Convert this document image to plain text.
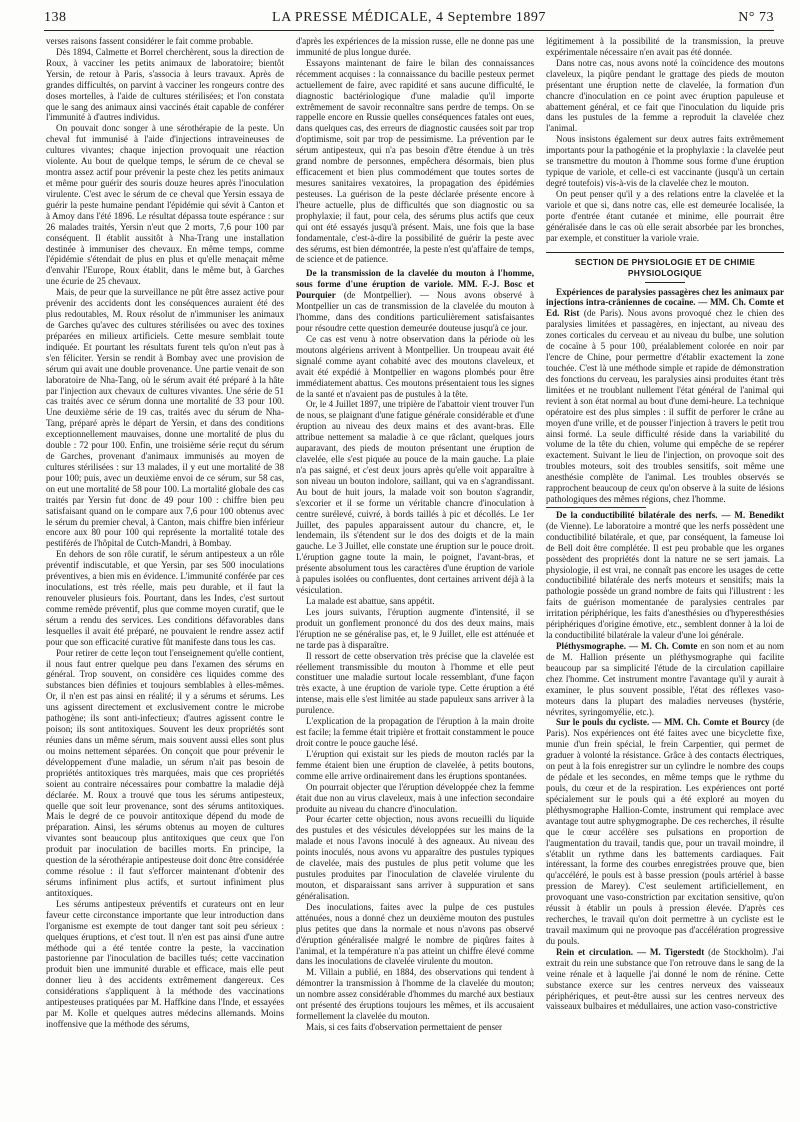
138	LA PRESSE MÉDICALE, 4 Septembre 1897	N° 73

verses raisons fassent considérer le fait comme probable.

Dès 1894, Calmette et Borrel cherchèrent, sous la direction de Roux, à vacciner les petits animaux de laboratoire; bientôt Yersin, de retour à Paris, s'associa à leurs travaux. Après de grandes difficultés, on parvint à vacciner les rongeurs contre des doses mortelles, à l'aide de cultures stérilisées; et l'on constata que le sang des animaux ainsi vaccinés était capable de conférer l'immunité à d'autres individus.

On pouvait donc songer à une sérothérapie de la peste. Un cheval fut immunisé à l'aide d'injections intraveineuses de cultures vivantes; chaque injection provoquait une réaction violente. Au bout de quelque temps, le sérum de ce cheval se montra assez actif pour prévenir la peste chez les petits animaux et même pour guérir des souris douze heures après l'inoculation virulente. C'est avec le sérum de ce cheval que Yersin essaya de guérir la peste humaine pendant l'épidémie qui sévit à Canton et à Amoy dans l'été 1896. Le résultat dépassa toute espérance : sur 26 malades traités, Yersin n'eut que 2 morts, 7,6 pour 100 par conséquent. Il établit aussitôt à Nha-Trang une installation destinée à immuniser des chevaux. En même temps, comme l'épidémie s'étendait de plus en plus et qu'elle menaçait même d'envahir l'Europe, Roux établit, dans le même but, à Garches une écurie de 25 chevaux.

Mais, de peur que la surveillance ne pût être assez active pour prévenir des accidents dont les conséquences auraient été des plus redoutables, M. Roux résolut de n'immuniser les animaux de Garches qu'avec des cultures stérilisées ou avec des toxines préparées en milieux artificiels. Cette mesure semblait toute indiquée. Et pourtant les résultats furent tels qu'on n'eut pas à s'en féliciter. Yersin se rendit à Bombay avec une provision de sérum qui avait une double provenance. Une partie venait de son laboratoire de Nha-Tang, où le sérum avait été préparé à la hâte par l'injection aux chevaux de cultures vivantes. Une série de 51 cas traités avec ce sérum donna une mortalité de 33 pour 100. Une deuxième série de 19 cas, traités avec du sérum de Nha-Tang, préparé après le départ de Yersin, et dans des conditions exceptionnellement mauvaises, donne une mortalité de plus du double : 72 pour 100. Enfin, une troisième série reçut du sérum de Garches, provenant d'animaux immunisés au moyen de cultures stérilisées : sur 13 malades, il y eut une mortalité de 38 pour 100; puis, avec un deuxième envoi de ce sérum, sur 58 cas, on eut une mortalité de 58 pour 100. La mortalité globale des cas traités par Yersin fut donc de 49 pour 100 : chiffre bien peu satisfaisant quand on le compare aux 7,6 pour 100 obtenus avec le sérum du premier cheval, à Canton, mais chiffre bien inférieur encore aux 80 pour 100 qui représente la mortalité totale des pestiférés de l'hôpital de Cutch-Mandri, à Bombay.

En dehors de son rôle curatif, le sérum antipesteux a un rôle préventif indiscutable, et que Yersin, par ses 500 inoculations préventives, a bien mis en évidence. L'immunité conférée par ces inoculations, est très réelle, mais peu durable, et il faut la renouveler plusieurs fois. Pourtant, dans les Indes, c'est surtout comme remède préventif, plus que comme moyen curatif, que le sérum a rendu des services. Les conditions défavorables dans lesquelles il avait été préparé, ne pouvaient le rendre assez actif pour que son efficacité curative fût manifeste dans tous les cas.

Pour retirer de cette leçon tout l'enseignement qu'elle contient, il nous faut entrer quelque peu dans l'examen des sérums en général. Trop souvent, on considère ces liquides comme des substances bien définies et toujours semblables à elles-mêmes. Or, il n'en est pas ainsi en réalité; il y a sérums et sérums. Les uns agissent directement et exclusivement contre le microbe pathogène; ils sont anti-infectieux; d'autres agissent contre le poison; ils sont antitoxiques. Souvent les deux propriétés sont réunies dans un même sérum, mais souvent aussi elles sont plus ou moins nettement séparées. On conçoit que pour prévenir le développement d'une maladie, un sérum n'ait pas besoin de propriétés antitoxiques très marquées, mais que ces propriétés soient au contraire nécessaires pour combattre la maladie déjà déclarée. M. Roux a trouvé que tous les sérums antipesteux, quelle que soit leur provenance, sont des sérums antitoxiques. Mais le degré de ce pouvoir antitoxique dépend du mode de préparation. Ainsi, les sérums obtenus au moyen de cultures vivantes sont beaucoup plus antitoxiques que ceux que l'on produit par inoculation de bacilles morts. En principe, la question de la sérothérapie antipesteuse doit donc être considérée comme résolue : il faut s'efforcer maintenant d'obtenir des sérums infiniment plus actifs, et surtout infiniment plus antitoxiques.

Les sérums antipesteux préventifs et curateurs ont en leur faveur cette circonstance importante que leur introduction dans l'organisme est exempte de tout danger tant soit peu sérieux : quelques éruptions, et c'est tout. Il n'en est pas ainsi d'une autre méthode qui a été tentée contre la peste, la vaccination pastorienne par l'inoculation de bacilles tués; cette vaccination produit bien une immunité durable et efficace, mais elle peut donner lieu à des accidents extrêmement dangereux. Ces considérations s'appliquent à la méthode des vaccinations antipesteuses pratiquées par M. Haffkine dans l'Inde, et essayées par M. Kolle et quelques autres médecins allemands. Moins inoffensive que la méthode des sérums,

d'après les expériences de la mission russe, elle ne donne pas une immunité de plus longue durée.

Essayons maintenant de faire le bilan des connaissances récemment acquises : la connaissance du bacille pesteux permet actuellement de faire, avec rapidité et sans aucune difficulté, le diagnostic bactériologique d'une maladie qu'il importe extrêmement de savoir reconnaître sans perdre de temps. On se rappelle encore en Russie quelles conséquences fatales ont eues, dans quelques cas, des erreurs de diagnostic causées soit par trop d'optimisme, soit par trop de pessimisme. La prévention par le sérum antipesteux, qui n'a pas besoin d'être étendue à un très grand nombre de personnes, empêchera désormais, bien plus efficacement et bien plus commodément que toutes sortes de mesures sanitaires vexatoires, la propagation des épidémies pesteuses. La guérison de la peste déclarée présente encore à l'heure actuelle, plus de difficultés que son diagnostic ou sa prophylaxie; il faut, pour cela, des sérums plus actifs que ceux qui ont été essayés jusqu'à présent. Mais, une fois que la base fondamentale, c'est-à-dire la possibilité de guérir la peste avec des sérums, est bien démontrée, la peste n'est qu'affaire de temps, de science et de patience.

De la transmission de la clavelée du mouton à l'homme, sous forme d'une éruption de variole. MM. F.-J. Bosc et Pourquier (de Montpellier). — Nous avons observé à Montpellier un cas de transmission de la clavelée du mouton à l'homme, dans des conditions particulièrement satisfaisantes pour résoudre cette question demeurée douteuse jusqu'à ce jour.

Ce cas est venu à notre observation dans la période où les moutons algériens arrivent à Montpellier. Un troupeau avait été signalé comme ayant cohabité avec des moutons claveleux, et avait été expédié à Montpellier en wagons plombés pour être immédiatement abattus. Ces moutons présentaient tous les signes de la santé et n'avaient pas de pustules à la tête.

Or, le 4 Juillet 1897, une tripière de l'abattoir vient trouver l'un de nous, se plaignant d'une fatigue générale considérable et d'une éruption au niveau des deux mains et des avant-bras. Elle attribue nettement sa maladie à ce que râclant, quelques jours auparavant, des pieds de mouton présentant une éruption de clavelée, elle s'est piquée au pouce de la main gauche. La plaie n'a pas saigné, et c'est deux jours après qu'elle voit apparaître à son niveau un bouton indolore, saillant, qui va en s'agrandissant. Au bout de huit jours, la malade voit son bouton s'agrandir, s'excorier et il se forme un véritable chancre d'inoculation à centre surélevé, cuivré, à bords taillés à pic et décollés. Le 1er Juillet, des papules apparaissent autour du chancre, et, le lendemain, ils s'étendent sur le dos des doigts et de la main gauche. Le 3 Juillet, elle constate une éruption sur le pouce droit. L'éruption gagne toute la main, le poignet, l'avant-bras, et présente absolument tous les caractères d'une éruption de variole à papules isolées ou confluentes, dont certaines arrivent déjà à la vésiculation.

La malade est abattue, sans appétit.

Les jours suivants, l'éruption augmente d'intensité, il se produit un gonflement prononcé du dos des deux mains, mais l'éruption ne se généralise pas, et, le 9 Juillet, elle est atténuée et ne tarde pas à disparaître.

Il ressort de cette observation très précise que la clavelée est réellement transmissible du mouton à l'homme et elle peut constituer une maladie surtout locale ressemblant, d'une façon très exacte, à une éruption de variole type. Cette éruption a été intense, mais elle s'est limitée au stade papuleux sans arriver à la purulence.

L'explication de la propagation de l'éruption à la main droite est facile; la femme était tripière et frottait constamment le pouce droit contre le pouce gauche lésé.

L'éruption qui existait sur les pieds de mouton raclés par la femme étaient bien une éruption de clavelée, à petits boutons, comme elle arrive ordinairement dans les éruptions spontanées.

On pourrait objecter que l'éruption développée chez la femme était due non au virus claveleux, mais à une infection secondaire produite au niveau du chancre d'inoculation.

Pour écarter cette objection, nous avons recueilli du liquide des pustules et des vésicules développées sur les mains de la malade et nous l'avons inoculé à des agneaux. Au niveau des points inoculés, nous avons vu apparaître des pustules typiques de clavelée, mais des pustules de plus petit volume que les pustules produites par l'inoculation de clavelée virulente du mouton, et disparaissant sans arriver à suppuration et sans généralisation.

Des inoculations, faites avec la pulpe de ces pustules atténuées, nous a donné chez un deuxième mouton des pustules plus petites que dans la normale et nous n'avons pas observé d'éruption généralisée malgré le nombre de piqûres faites à l'animal, et la température n'a pas atteint un chiffre élevé comme dans les inoculations de clavelée virulente du mouton.

M. Villain a publié, en 1884, des observations qui tendent à démontrer la transmission à l'homme de la clavelée du mouton; un nombre assez considérable d'hommes du marché aux bestiaux ont présenté des éruptions toujours les mêmes, et ils accusaient formellement la clavelée du mouton.

Mais, si ces faits d'observation permettaient de penser

légitimement à la possibilité de la transmission, la preuve expérimentale nécessaire n'en avait pas été donnée.

Dans notre cas, nous avons noté la coïncidence des moutons claveleux, la piqûre pendant le grattage des pieds de mouton présentant une éruption nette de clavelée, la formation d'un chancre d'inoculation en ce point avec éruption papuleuse et abattement général, et ce fait que l'inoculation du liquide pris dans les pustules de la femme a reproduit la clavelée chez l'animal.

Nous insistons également sur deux autres faits extrêmement importants pour la pathogénie et la prophylaxie : la clavelée peut se transmettre du mouton à l'homme sous forme d'une éruption typique de variole, et celle-ci est vaccinante (jusqu'à un certain degré toutefois) vis-à-vis de la clavelée chez le mouton.

On peut penser qu'il y a des relations entre la clavelée et la variole et que si, dans notre cas, elle est demeurée localisée, la porte d'entrée étant cutanée et minime, elle pourrait être généralisée dans le cas où elle serait absorbée par les bronches, par exemple, et constituer la variole vraie.

SECTION DE PHYSIOLOGIE ET DE CHIMIE PHYSIOLOGIQUE

Expériences de paralysies passagères chez les animaux par injections intra-crâniennes de cocaïne. — MM. Ch. Comte et Ed. Rist (de Paris). Nous avons provoqué chez le chien des paralysies limitées et passagères, en injectant, au niveau des zones corticales du cerveau et au niveau du bulbe, une solution de cocaïne à 5 pour 100, préalablement colorée en noir par l'encre de Chine, pour permettre d'établir exactement la zone touchée. C'est là une méthode simple et rapide de démonstration des fonctions du cerveau, les paralysies ainsi produites étant très limitées et ne troublant nullement l'état général de l'animal qui revient à son état normal au bout d'une demi-heure. La technique opératoire est des plus simples : il suffit de perforer le crâne au moyen d'une vrille, et de pousser l'injection à travers le petit trou ainsi formé. La seule difficulté réside dans la variabilité du volume de la tête du chien, volume qui empêche de se repérer exactement. Suivant le lieu de l'injection, on provoque soit des troubles moteurs, soit des troubles sensitifs, soit même une anesthésie complète de l'animal. Les troubles observés se rapprochent beaucoup de ceux qu'on observe à la suite de lésions pathologiques des mêmes régions, chez l'homme.

De la conductibilité bilatérale des nerfs. — M. Benedikt (de Vienne). Le laboratoire a montré que les nerfs possèdent une conductibilité bilatérale, et que, par conséquent, la fameuse loi de Bell doit être complétée. Il est peu probable que les organes possèdent des propriétés dont la nature ne se sert jamais. La physiologie, il est vrai, ne connaît pas encore les usages de cette conductibilité bilatérale des nerfs moteurs et sensitifs; mais la pathologie possède un grand nombre de faits qui l'illustrent : les faits de guérison momentanée de paralysies centrales par irritation périphérique, les faits d'anesthésies ou d'hyperesthésies périphériques d'origine émotive, etc., semblent donner à la loi de la conductibilité bilatérale la valeur d'une loi générale.

Pléthysmographe. — M. Ch. Comte en son nom et au nom de M. Hallion présente un pléthysmographe qui facilite beaucoup par sa simplicité l'étude de la circulation capillaire chez l'homme. Cet instrument montre l'avantage qu'il y aurait à examiner, le plus souvent possible, l'état des réflexes vaso-moteurs dans la plupart des maladies nerveuses (hystérie, névrites, syringomyélie, etc.).

Sur le pouls du cycliste. — MM. Ch. Comte et Bourcy (de Paris). Nos expériences ont été faites avec une bicyclette fixe, munie d'un frein spécial, le frein Carpentier, qui permet de graduer à volonté la résistance. Grâce à des contacts électriques, on peut à la fois enregistrer sur un cylindre le nombre des coups de pédale et les secondes, en même temps que le rythme du pouls, du cœur et de la respiration. Les expériences ont porté spécialement sur le pouls qui a été exploré au moyen du pléthysmographe Hallion-Comte, instrument qui remplace avec avantage tout autre sphygmographe. De ces recherches, il résulte que le cœur accélère ses pulsations en proportion de l'augmentation du travail, tandis que, pour un travail moindre, il s'établit un rythme dans les battements cardiaques. Fait intéressant, la forme des courbes enregistrées prouve que, bien qu'accéléré, le pouls est à basse pression (pouls artériel à basse pression de Marey). C'est seulement artificiellement, en provoquant une vaso-constriction par excitation sensitive, qu'on réussit à établir un pouls à pression élevée. D'après ces recherches, le travail qu'on doit permettre à un cycliste est le travail maximum qui ne provoque pas d'accélération progressive du pouls.

Rein et circulation. — M. Tigerstedt (de Stockholm). J'ai extrait du rein une substance que l'on retrouve dans le sang de la veine rénale et à laquelle j'ai donné le nom de rénine. Cette substance exerce sur les centres nerveux des vaisseaux périphériques, et peut-être aussi sur les centres nerveux des vaisseaux bulbaires et médullaires, une action vaso-constrictive
